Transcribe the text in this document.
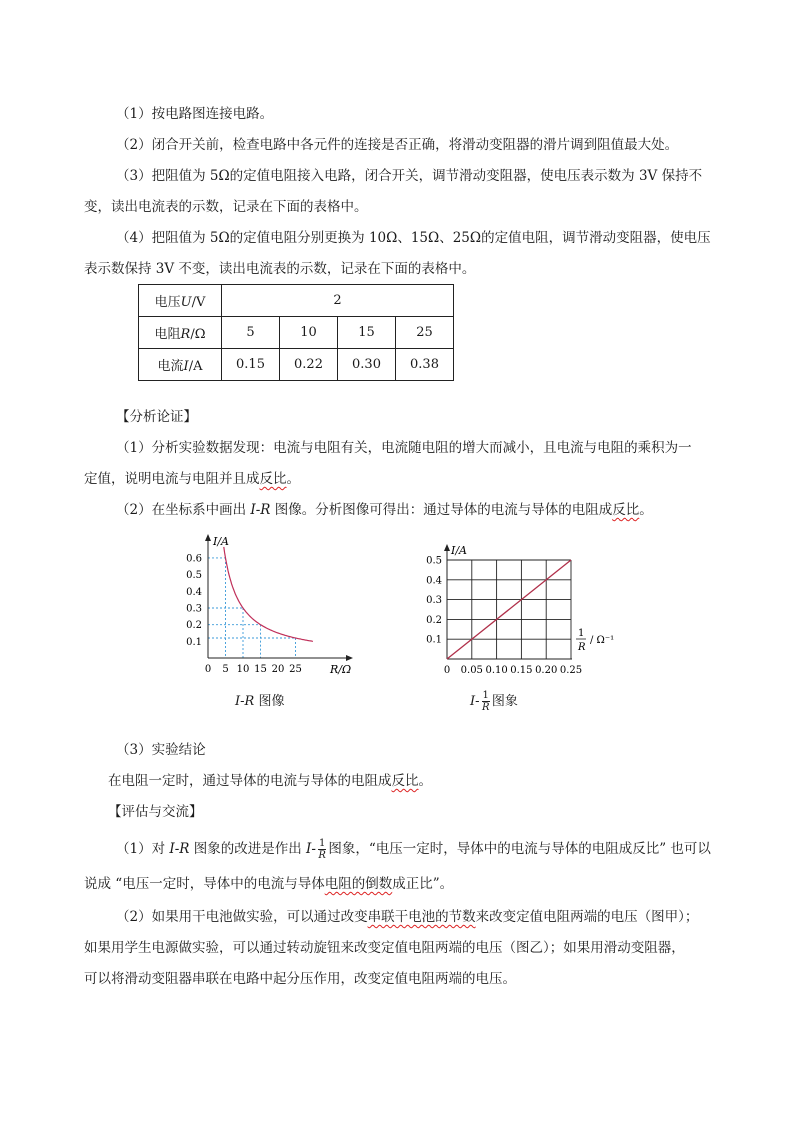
（1）按电路图连接电路。
（2）闭合开关前，检查电路中各元件的连接是否正确，将滑动变阻器的滑片调到阻值最大处。
（3）把阻值为 5Ω的定值电阻接入电路，闭合开关，调节滑动变阻器，使电压表示数为 3V 保持不
变，读出电流表的示数，记录在下面的表格中。
（4）把阻值为 5Ω的定值电阻分别更换为 10Ω、15Ω、25Ω的定值电阻，调节滑动变阻器，使电压
表示数保持 3V 不变，读出电流表的示数，记录在下面的表格中。
电压U/V	2			
电阻R/Ω	5	10	15	25
电流I/A	0.15	0.22	0.30	0.38
【分析论证】
（1）分析实验数据发现：电流与电阻有关，电流随电阻的增大而减小，且电流与电阻的乘积为一
定值，说明电流与电阻并且成反比。
（2）在坐标系中画出 I-R 图像。分析图像可得出：通过导体的电流与导体的电阻成反比。
I/A
R/Ω
0 5 10 15 20 25
0.1
0.2
0.3
0.4
0.5
0.6
I-R 图像
I/A
1
R
/ Ω⁻¹
0 0.05 0.10 0.15 0.20 0.25
0.1
0.2
0.3
0.4
0.5
$I- \frac{1}{R}$ 图象
（3）实验结论
在电阻一定时，通过导体的电流与导体的电阻成反比。
【评估与交流】
（1）对 I-R 图象的改进是作出 $I- \frac{1}{R}$ 图象，“电压一定时，导体中的电流与导体的电阻成反比” 也可以
说成 “电压一定时，导体中的电流与导体电阻的倒数成正比”。
（2）如果用干电池做实验，可以通过改变串联干电池的节数来改变定值电阻两端的电压（图甲）；
如果用学生电源做实验，可以通过转动旋钮来改变定值电阻两端的电压（图乙）；如果用滑动变阻器，
可以将滑动变阻器串联在电路中起分压作用，改变定值电阻两端的电压。
